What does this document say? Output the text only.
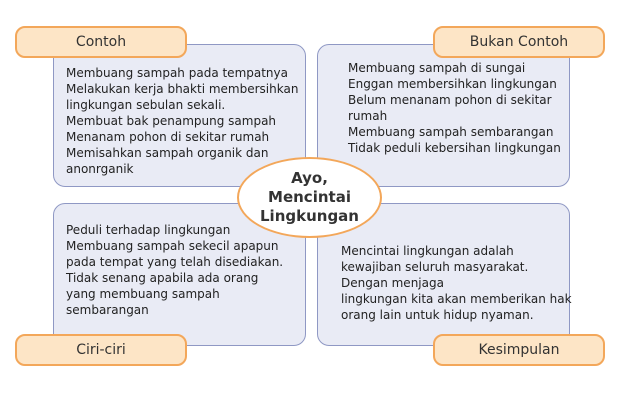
Membuang sampah pada tempatnya
Melakukan kerja bhakti membersihkan
lingkungan sebulan sekali.
Membuat bak penampung sampah
Menanam pohon di sekitar rumah
Memisahkan sampah organik dan
anonrganik
Membuang sampah di sungai
Enggan membersihkan lingkungan
Belum menanam pohon di sekitar
rumah
Membuang sampah sembarangan
Tidak peduli kebersihan lingkungan
Peduli terhadap lingkungan
Membuang sampah sekecil apapun
pada tempat yang telah disediakan.
Tidak senang apabila ada orang
yang membuang sampah
sembarangan
Mencintai lingkungan adalah
kewajiban seluruh masyarakat.
Dengan menjaga
lingkungan kita akan memberikan hak
orang lain untuk hidup nyaman.
Contoh	Bukan Contoh
Ciri-ciri	Kesimpulan
Ayo,
Mencintai
Lingkungan
